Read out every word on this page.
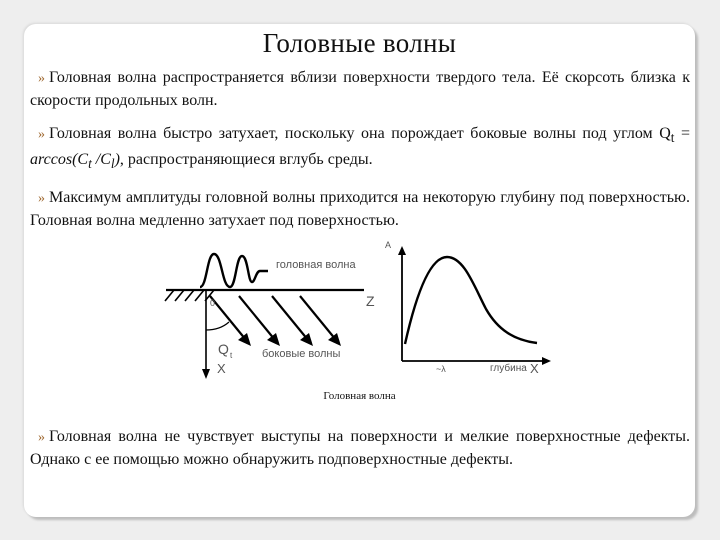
Головные волны
» Головная волна распространяется вблизи поверхности твердого тела. Её скорсоть близка к скорости продольных волн.
» Головная волна быстро затухает, поскольку она порождает боковые волны под углом $Q_t = \arccos(C_t$ $/C_l$), распространяющиеся вглубь среды.
» Максимум амплитуды головной волны приходится на некоторую глубину под поверхностью. Головная волна медленно затухает под поверхностью.
головная волна
0	Z
Q t	боковые волны
X
A
~λ	глубина X
Головная волна
» Головная волна не чувствует выступы на поверхности и мелкие поверхностные дефекты. Однако с ее помощью можно обнаружить подповерхностные дефекты.
